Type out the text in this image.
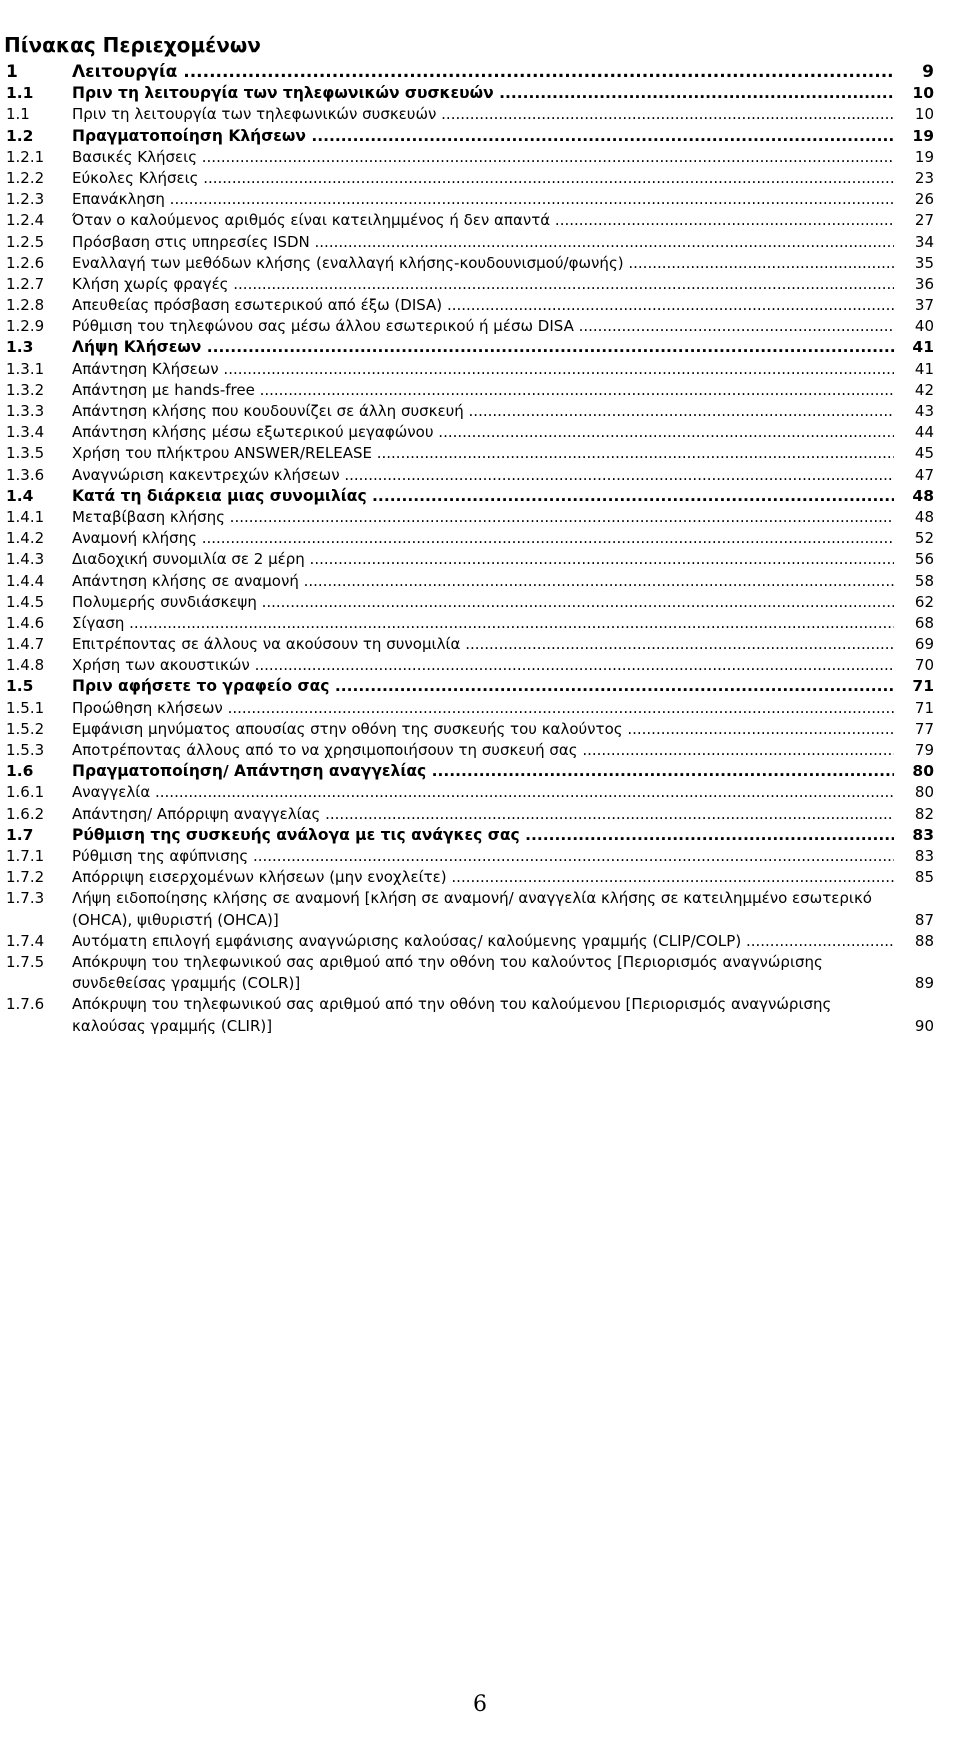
Πίνακας Περιεχομένων
1	Λειτουργία .....	9
1.1	Πριν τη λειτουργία των τηλεφωνικών συσκευών .....	10
1.1	Πριν τη λειτουργία των τηλεφωνικών συσκευών .....	10
1.2	Πραγματοποίηση Κλήσεων .....	19
1.2.1	Βασικές Κλήσεις .....	19
1.2.2	Εύκολες Κλήσεις .....	23
1.2.3	Επανάκληση .....	26
1.2.4	Όταν ο καλούμενος αριθμός είναι κατειλημμένος ή δεν απαντά .....	27
1.2.5	Πρόσβαση στις υπηρεσίες ISDN .....	34
1.2.6	Εναλλαγή των μεθόδων κλήσης (εναλλαγή κλήσης-κουδουνισμού/φωνής) .....	35
1.2.7	Κλήση χωρίς φραγές .....	36
1.2.8	Απευθείας πρόσβαση εσωτερικού από έξω (DISA) .....	37
1.2.9	Ρύθμιση του τηλεφώνου σας μέσω άλλου εσωτερικού ή μέσω DISA .....	40
1.3	Λήψη Κλήσεων .....	41
1.3.1	Απάντηση Κλήσεων .....	41
1.3.2	Απάντηση με hands-free .....	42
1.3.3	Απάντηση κλήσης που κουδουνίζει σε άλλη συσκευή .....	43
1.3.4	Απάντηση κλήσης μέσω εξωτερικού μεγαφώνου .....	44
1.3.5	Χρήση του πλήκτρου ANSWER/RELEASE .....	45
1.3.6	Αναγνώριση κακεντρεχών κλήσεων .....	47
1.4	Κατά τη διάρκεια μιας συνομιλίας .....	48
1.4.1	Μεταβίβαση κλήσης .....	48
1.4.2	Αναμονή κλήσης .....	52
1.4.3	Διαδοχική συνομιλία σε 2 μέρη .....	56
1.4.4	Απάντηση κλήσης σε αναμονή .....	58
1.4.5	Πολυμερής συνδιάσκεψη .....	62
1.4.6	Σίγαση .....	68
1.4.7	Επιτρέποντας σε άλλους να ακούσουν τη συνομιλία .....	69
1.4.8	Χρήση των ακουστικών .....	70
1.5	Πριν αφήσετε το γραφείο σας .....	71
1.5.1	Προώθηση κλήσεων .....	71
1.5.2	Εμφάνιση μηνύματος απουσίας στην οθόνη της συσκευής του καλούντος .....	77
1.5.3	Αποτρέποντας άλλους από το να χρησιμοποιήσουν τη συσκευή σας .....	79
1.6	Πραγματοποίηση/ Απάντηση αναγγελίας .....	80
1.6.1	Αναγγελία .....	80
1.6.2	Απάντηση/ Απόρριψη αναγγελίας .....	82
1.7	Ρύθμιση της συσκευής ανάλογα με τις ανάγκες σας .....	83
1.7.1	Ρύθμιση της αφύπνισης .....	83
1.7.2	Απόρριψη εισερχομένων κλήσεων (μην ενοχλείτε) .....	85
1.7.3	Λήψη ειδοποίησης κλήσης σε αναμονή [κλήση σε αναμονή/ αναγγελία κλήσης σε κατειλημμένο εσωτερικό (OHCA), ψιθυριστή (OHCA)]	87
1.7.4	Αυτόματη επιλογή εμφάνισης αναγνώρισης καλούσας/ καλούμενης γραμμής (CLIP/COLP) .....	88
1.7.5	Απόκρυψη του τηλεφωνικού σας αριθμού από την οθόνη του καλούντος [Περιορισμός αναγνώρισης συνδεθείσας γραμμής (COLR)]	89
1.7.6	Απόκρυψη του τηλεφωνικού σας αριθμού από την οθόνη του καλούμενου [Περιορισμός αναγνώρισης καλούσας γραμμής (CLIR)]	90
6
